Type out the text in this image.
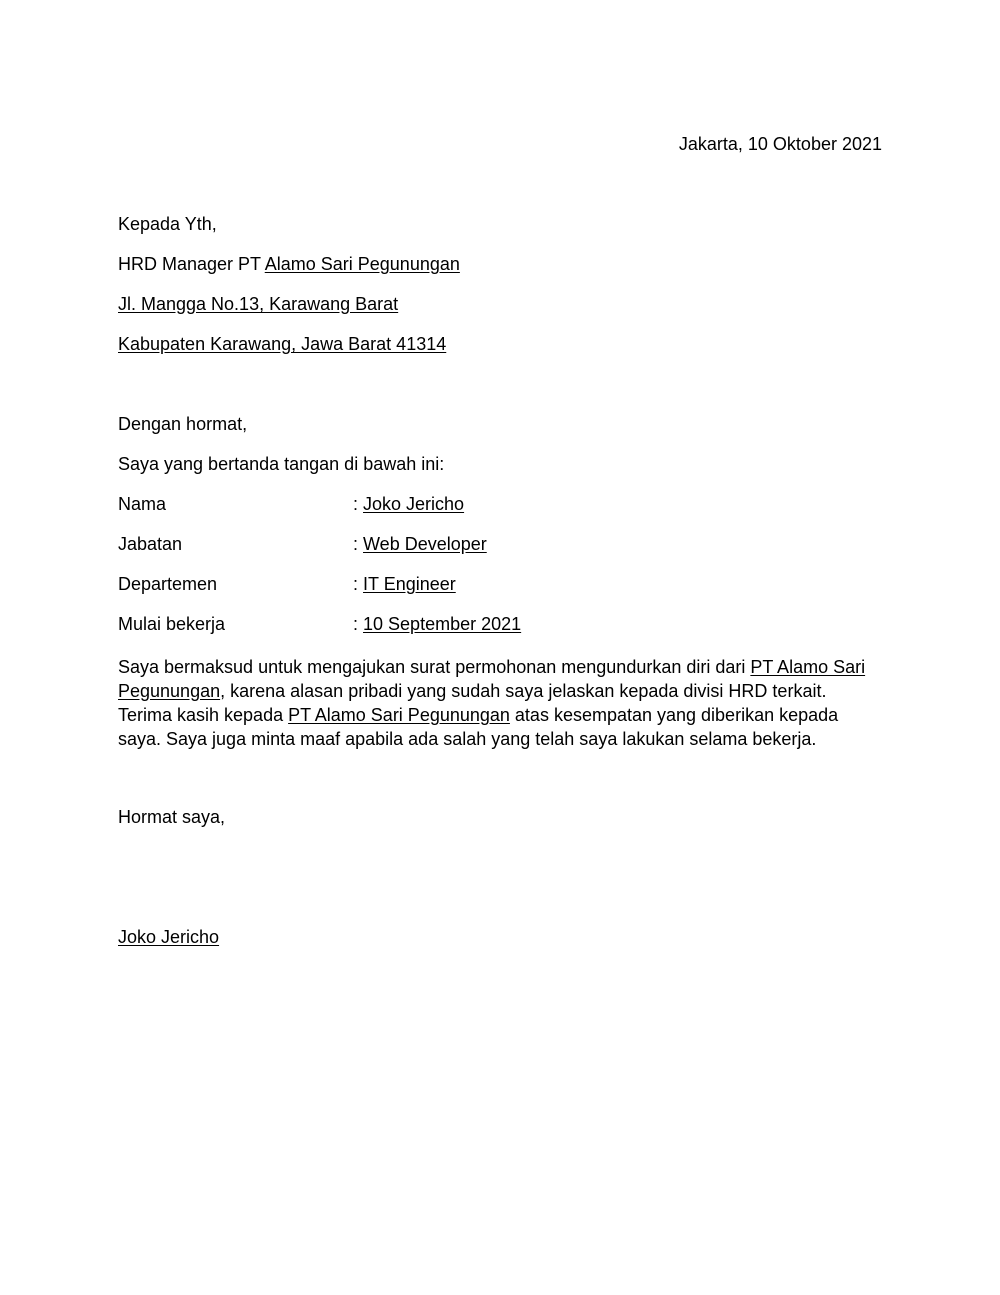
Jakarta, 10 Oktober 2021
Kepada Yth,
HRD Manager PT Alamo Sari Pegunungan
Jl. Mangga No.13, Karawang Barat
Kabupaten Karawang, Jawa Barat 41314
Dengan hormat,
Saya yang bertanda tangan di bawah ini:
Nama	: Joko Jericho
Jabatan	: Web Developer
Departemen	: IT Engineer
Mulai bekerja	: 10 September 2021
Saya bermaksud untuk mengajukan surat permohonan mengundurkan diri dari PT Alamo Sari Pegunungan, karena alasan pribadi yang sudah saya jelaskan kepada divisi HRD terkait. Terima kasih kepada PT Alamo Sari Pegunungan atas kesempatan yang diberikan kepada saya. Saya juga minta maaf apabila ada salah yang telah saya lakukan selama bekerja.
Hormat saya,
Joko Jericho
